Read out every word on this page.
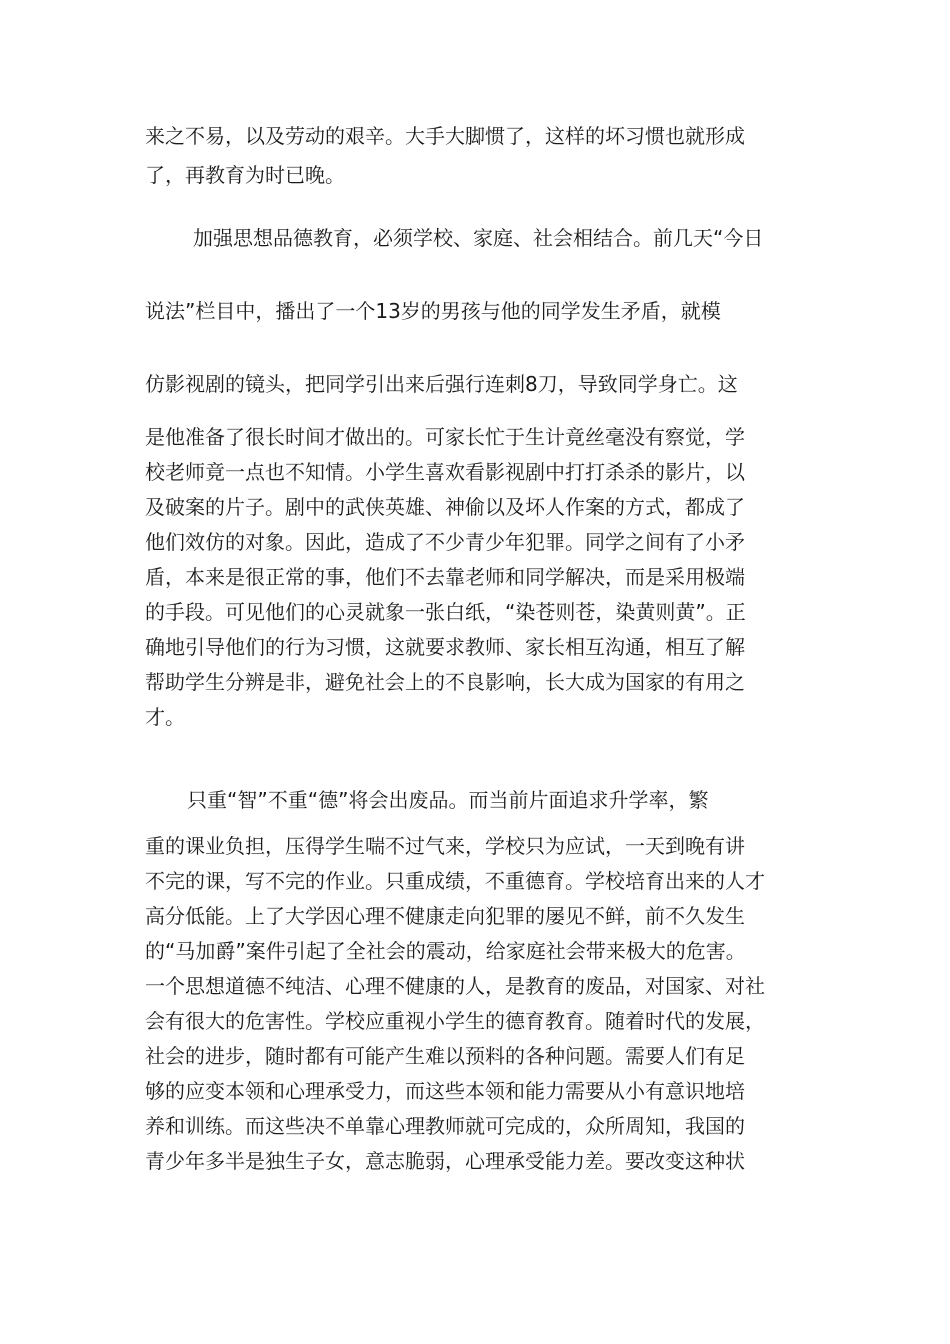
来之不易，以及劳动的艰辛。大手大脚惯了，这样的坏习惯也就形成
了，再教育为时已晚。
加强思想品德教育，必须学校、家庭、社会相结合。前几天“今日
说法”栏目中，播出了一个13岁的男孩与他的同学发生矛盾，就模
仿影视剧的镜头，把同学引出来后强行连刺8刀，导致同学身亡。这
是他准备了很长时间才做出的。可家长忙于生计竟丝毫没有察觉，学
校老师竟一点也不知情。小学生喜欢看影视剧中打打杀杀的影片，以
及破案的片子。剧中的武侠英雄、神偷以及坏人作案的方式，都成了
他们效仿的对象。因此，造成了不少青少年犯罪。同学之间有了小矛
盾，本来是很正常的事，他们不去靠老师和同学解决，而是采用极端
的手段。可见他们的心灵就象一张白纸，“染苍则苍，染黄则黄”。正
确地引导他们的行为习惯，这就要求教师、家长相互沟通，相互了解
帮助学生分辨是非，避免社会上的不良影响，长大成为国家的有用之
才。
只重“智”不重“德”将会出废品。而当前片面追求升学率，繁
重的课业负担，压得学生喘不过气来，学校只为应试，一天到晚有讲
不完的课，写不完的作业。只重成绩，不重德育。学校培育出来的人才
高分低能。上了大学因心理不健康走向犯罪的屡见不鲜，前不久发生
的“马加爵”案件引起了全社会的震动，给家庭社会带来极大的危害。
一个思想道德不纯洁、心理不健康的人，是教育的废品，对国家、对社
会有很大的危害性。学校应重视小学生的德育教育。随着时代的发展，
社会的进步，随时都有可能产生难以预料的各种问题。需要人们有足
够的应变本领和心理承受力，而这些本领和能力需要从小有意识地培
养和训练。而这些决不单靠心理教师就可完成的，众所周知，我国的
青少年多半是独生子女，意志脆弱，心理承受能力差。要改变这种状
